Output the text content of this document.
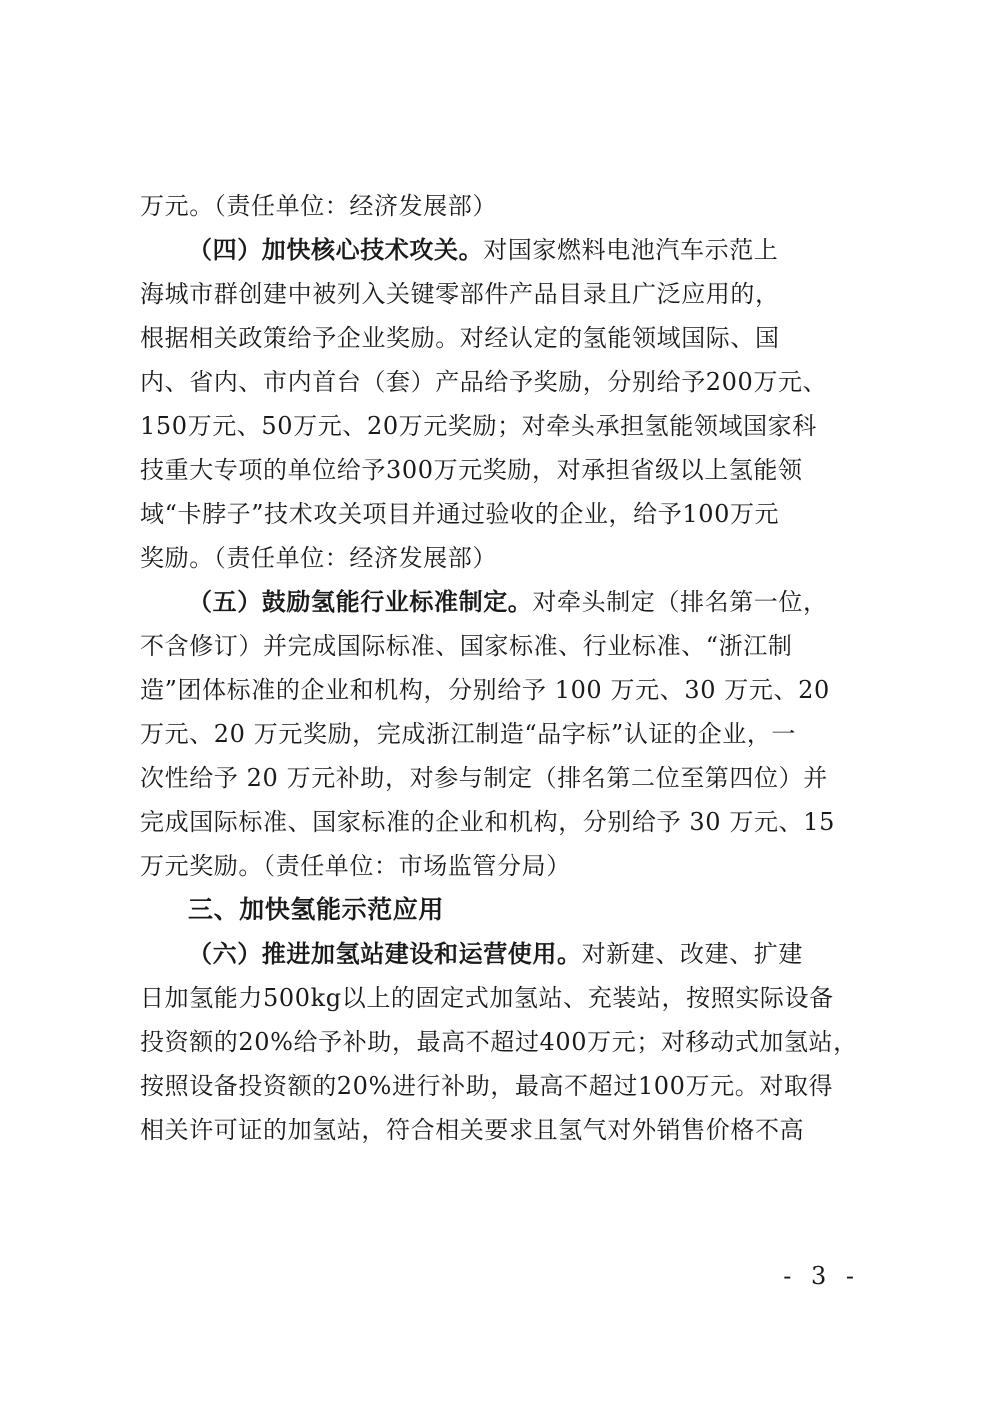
万元。（责任单位：经济发展部）
（四）加快核心技术攻关。对国家燃料电池汽车示范上
海城市群创建中被列入关键零部件产品目录且广泛应用的，
根据相关政策给予企业奖励。对经认定的氢能领域国际、国
内、省内、市内首台（套）产品给予奖励，分别给予200万元、
150万元、50万元、20万元奖励；对牵头承担氢能领域国家科
技重大专项的单位给予300万元奖励，对承担省级以上氢能领
域“卡脖子”技术攻关项目并通过验收的企业，给予100万元
奖励。（责任单位：经济发展部）
（五）鼓励氢能行业标准制定。对牵头制定（排名第一位，
不含修订）并完成国际标准、国家标准、行业标准、“浙江制
造”团体标准的企业和机构，分别给予 100 万元、30 万元、20
万元、20 万元奖励，完成浙江制造“品字标”认证的企业，一
次性给予 20 万元补助，对参与制定（排名第二位至第四位）并
完成国际标准、国家标准的企业和机构，分别给予 30 万元、15
万元奖励。（责任单位：市场监管分局）
三、加快氢能示范应用
（六）推进加氢站建设和运营使用。对新建、改建、扩建
日加氢能力500kg以上的固定式加氢站、充装站，按照实际设备
投资额的20%给予补助，最高不超过400万元；对移动式加氢站，
按照设备投资额的20%进行补助，最高不超过100万元。对取得
相关许可证的加氢站，符合相关要求且氢气对外销售价格不高
- 3 -
